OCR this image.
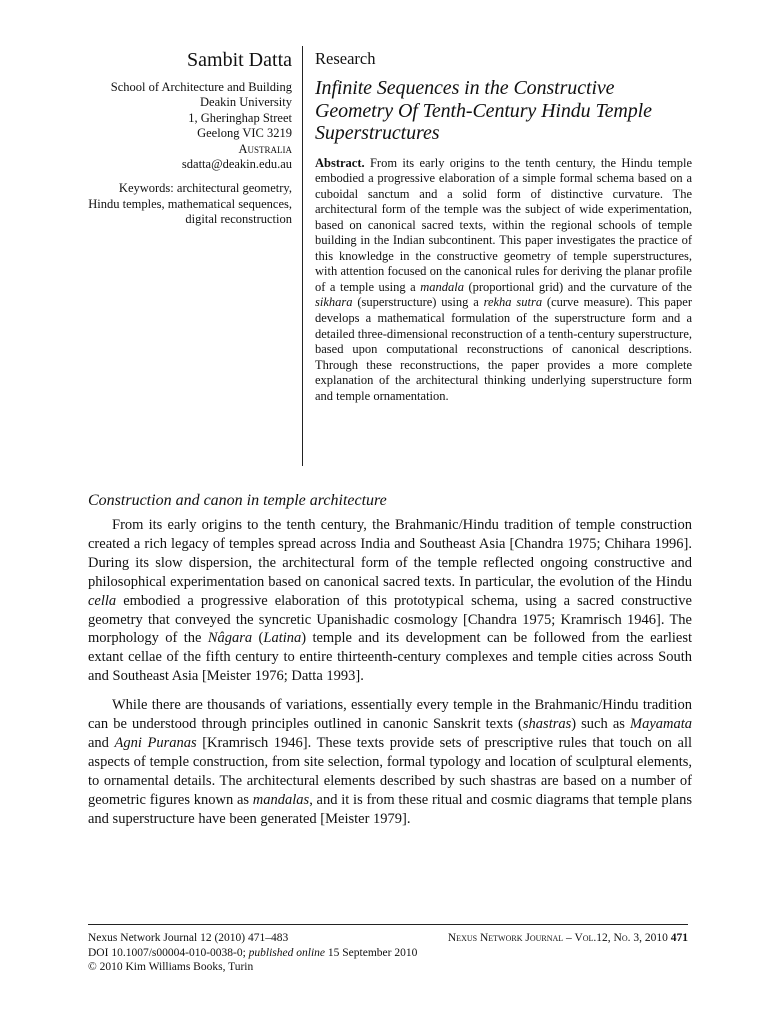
Sambit Datta
School of Architecture and Building
Deakin University
1, Gheringhap Street
Geelong VIC 3219
Australia
sdatta@deakin.edu.au
Keywords: architectural geometry, Hindu temples, mathematical sequences, digital reconstruction
Research
Infinite Sequences in the Constructive Geometry Of Tenth-Century Hindu Temple Superstructures

Abstract. From its early origins to the tenth century, the Hindu temple embodied a progressive elaboration of a simple formal schema based on a cuboidal sanctum and a solid form of distinctive curvature. The architectural form of the temple was the subject of wide experimentation, based on canonical sacred texts, within the regional schools of temple building in the Indian subcontinent. This paper investigates the practice of this knowledge in the constructive geometry of temple superstructures, with attention focused on the canonical rules for deriving the planar profile of a temple using a mandala (proportional grid) and the curvature of the sikhara (superstructure) using a rekha sutra (curve measure). This paper develops a mathematical formulation of the superstructure form and a detailed three-dimensional reconstruction of a tenth-century superstructure, based upon computational reconstructions of canonical descriptions. Through these reconstructions, the paper provides a more complete explanation of the architectural thinking underlying superstructure form and temple ornamentation.

Construction and canon in temple architecture

From its early origins to the tenth century, the Brahmanic/Hindu tradition of temple construction created a rich legacy of temples spread across India and Southeast Asia [Chandra 1975; Chihara 1996]. During its slow dispersion, the architectural form of the temple reflected ongoing constructive and philosophical experimentation based on canonical sacred texts. In particular, the evolution of the Hindu cella embodied a progressive elaboration of this prototypical schema, using a sacred constructive geometry that conveyed the syncretic Upanishadic cosmology [Chandra 1975; Kramrisch 1946]. The morphology of the Nâgara (Latina) temple and its development can be followed from the earliest extant cellae of the fifth century to entire thirteenth-century complexes and temple cities across South and Southeast Asia [Meister 1976; Datta 1993].

While there are thousands of variations, essentially every temple in the Brahmanic/Hindu tradition can be understood through principles outlined in canonic Sanskrit texts (shastras) such as Mayamata and Agni Puranas [Kramrisch 1946]. These texts provide sets of prescriptive rules that touch on all aspects of temple construction, from site selection, formal typology and location of sculptural elements, to ornamental details. The architectural elements described by such shastras are based on a number of geometric figures known as mandalas, and it is from these ritual and cosmic diagrams that temple plans and superstructure have been generated [Meister 1979].

Nexus Network Journal 12 (2010) 471–483	Nexus Network Journal – Vol.12, No. 3, 2010 471
DOI 10.1007/s00004-010-0038-0; published online 15 September 2010
© 2010 Kim Williams Books, Turin
